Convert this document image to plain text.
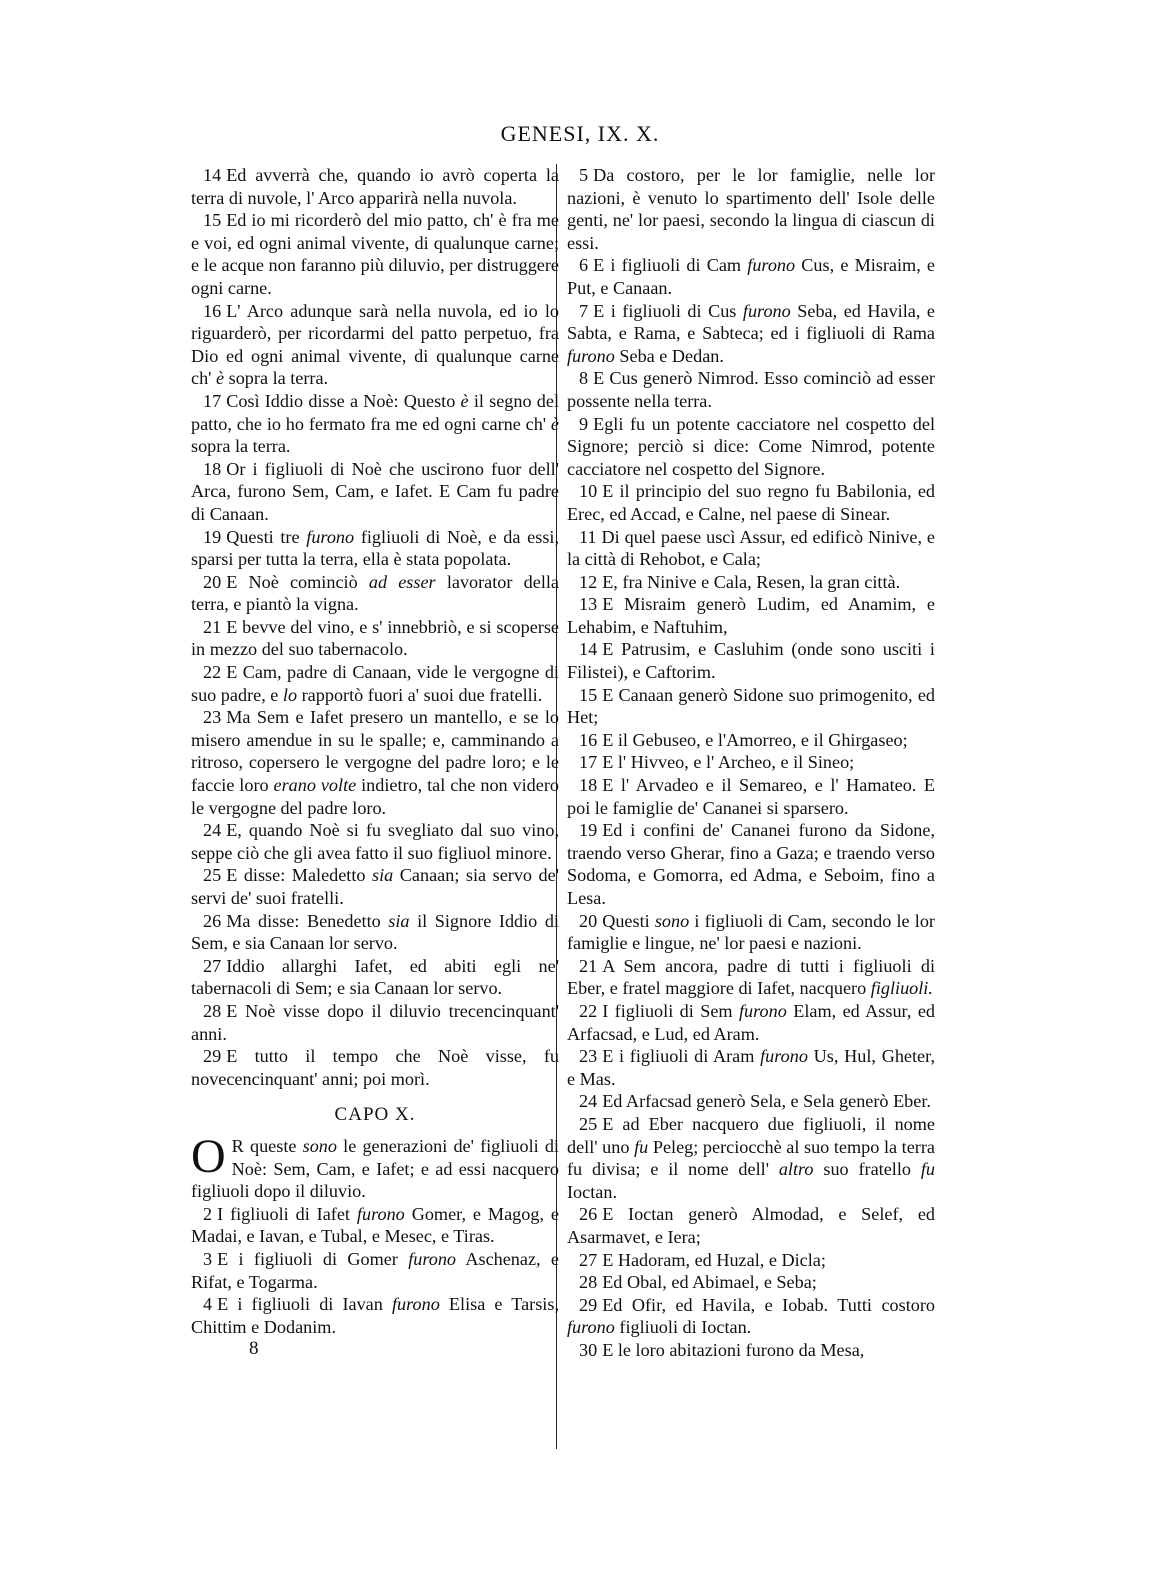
GENESI, IX. X.

14 Ed avverrà che, quando io avrò coperta la terra di nuvole, l' Arco apparirà nella nuvola.

15 Ed io mi ricorderò del mio patto, ch' è fra me e voi, ed ogni animal vivente, di qualunque carne; e le acque non faranno più diluvio, per distruggere ogni carne.

16 L' Arco adunque sarà nella nuvola, ed io lo riguarderò, per ricordarmi del patto perpetuo, fra Dio ed ogni animal vivente, di qualunque carne ch' è sopra la terra.

17 Così Iddio disse a Noè: Questo è il segno del patto, che io ho fermato fra me ed ogni carne ch' è sopra la terra.

18 Or i figliuoli di Noè che uscirono fuor dell' Arca, furono Sem, Cam, e Iafet. E Cam fu padre di Canaan.

19 Questi tre furono figliuoli di Noè, e da essi, sparsi per tutta la terra, ella è stata popolata.

20 E Noè cominciò ad esser lavorator della terra, e piantò la vigna.

21 E bevve del vino, e s' innebbriò, e si scoperse in mezzo del suo tabernacolo.

22 E Cam, padre di Canaan, vide le vergogne di suo padre, e lo rapportò fuori a' suoi due fratelli.

23 Ma Sem e Iafet presero un mantello, e se lo misero amendue in su le spalle; e, camminando a ritroso, copersero le vergogne del padre loro; e le faccie loro erano volte indietro, tal che non videro le vergogne del padre loro.

24 E, quando Noè si fu svegliato dal suo vino, seppe ciò che gli avea fatto il suo figliuol minore.

25 E disse: Maledetto sia Canaan; sia servo de' servi de' suoi fratelli.

26 Ma disse: Benedetto sia il Signore Iddio di Sem, e sia Canaan lor servo.

27 Iddio allarghi Iafet, ed abiti egli ne' tabernacoli di Sem; e sia Canaan lor servo.

28 E Noè visse dopo il diluvio trecencinquant' anni.

29 E tutto il tempo che Noè visse, fu novecencinquant' anni; poi morì.

CAPO X.

O R queste sono le generazioni de' figliuoli di Noè: Sem, Cam, e Iafet; e ad essi nacquero figliuoli dopo il diluvio.

2 I figliuoli di Iafet furono Gomer, e Magog, e Madai, e Iavan, e Tubal, e Mesec, e Tiras.

3 E i figliuoli di Gomer furono Aschenaz, e Rifat, e Togarma.

4 E i figliuoli di Iavan furono Elisa e Tarsis, Chittim e Dodanim.

8

5 Da costoro, per le lor famiglie, nelle lor nazioni, è venuto lo spartimento dell' Isole delle genti, ne' lor paesi, secondo la lingua di ciascun di essi.

6 E i figliuoli di Cam furono Cus, e Misraim, e Put, e Canaan.

7 E i figliuoli di Cus furono Seba, ed Havila, e Sabta, e Rama, e Sabteca; ed i figliuoli di Rama furono Seba e Dedan.

8 E Cus generò Nimrod. Esso cominciò ad esser possente nella terra.

9 Egli fu un potente cacciatore nel cospetto del Signore; perciò si dice: Come Nimrod, potente cacciatore nel cospetto del Signore.

10 E il principio del suo regno fu Babilonia, ed Erec, ed Accad, e Calne, nel paese di Sinear.

11 Di quel paese uscì Assur, ed edificò Ninive, e la città di Rehobot, e Cala;

12 E, fra Ninive e Cala, Resen, la gran città.

13 E Misraim generò Ludim, ed Anamim, e Lehabim, e Naftuhim,

14 E Patrusim, e Casluhim (onde sono usciti i Filistei), e Caftorim.

15 E Canaan generò Sidone suo primogenito, ed Het;

16 E il Gebuseo, e l'Amorreo, e il Ghirgaseo;

17 E l' Hivveo, e l' Archeo, e il Sineo;

18 E l' Arvadeo e il Semareo, e l' Hamateo. E poi le famiglie de' Cananei si sparsero.

19 Ed i confini de' Cananei furono da Sidone, traendo verso Gherar, fino a Gaza; e traendo verso Sodoma, e Gomorra, ed Adma, e Seboim, fino a Lesa.

20 Questi sono i figliuoli di Cam, secondo le lor famiglie e lingue, ne' lor paesi e nazioni.

21 A Sem ancora, padre di tutti i figliuoli di Eber, e fratel maggiore di Iafet, nacquero figliuoli.

22 I figliuoli di Sem furono Elam, ed Assur, ed Arfacsad, e Lud, ed Aram.

23 E i figliuoli di Aram furono Us, Hul, Gheter, e Mas.

24 Ed Arfacsad generò Sela, e Sela generò Eber.

25 E ad Eber nacquero due figliuoli, il nome dell' uno fu Peleg; percioсchè al suo tempo la terra fu divisa; e il nome dell' altro suo fratello fu Ioctan.

26 E Ioctan generò Almodad, e Selef, ed Asarmavet, e Iera;

27 E Hadoram, ed Huzal, e Dicla;

28 Ed Obal, ed Abimael, e Seba;

29 Ed Ofir, ed Havila, e Iobab. Tutti costoro furono figliuoli di Ioctan.

30 E le loro abitazioni furono da Mesa,
